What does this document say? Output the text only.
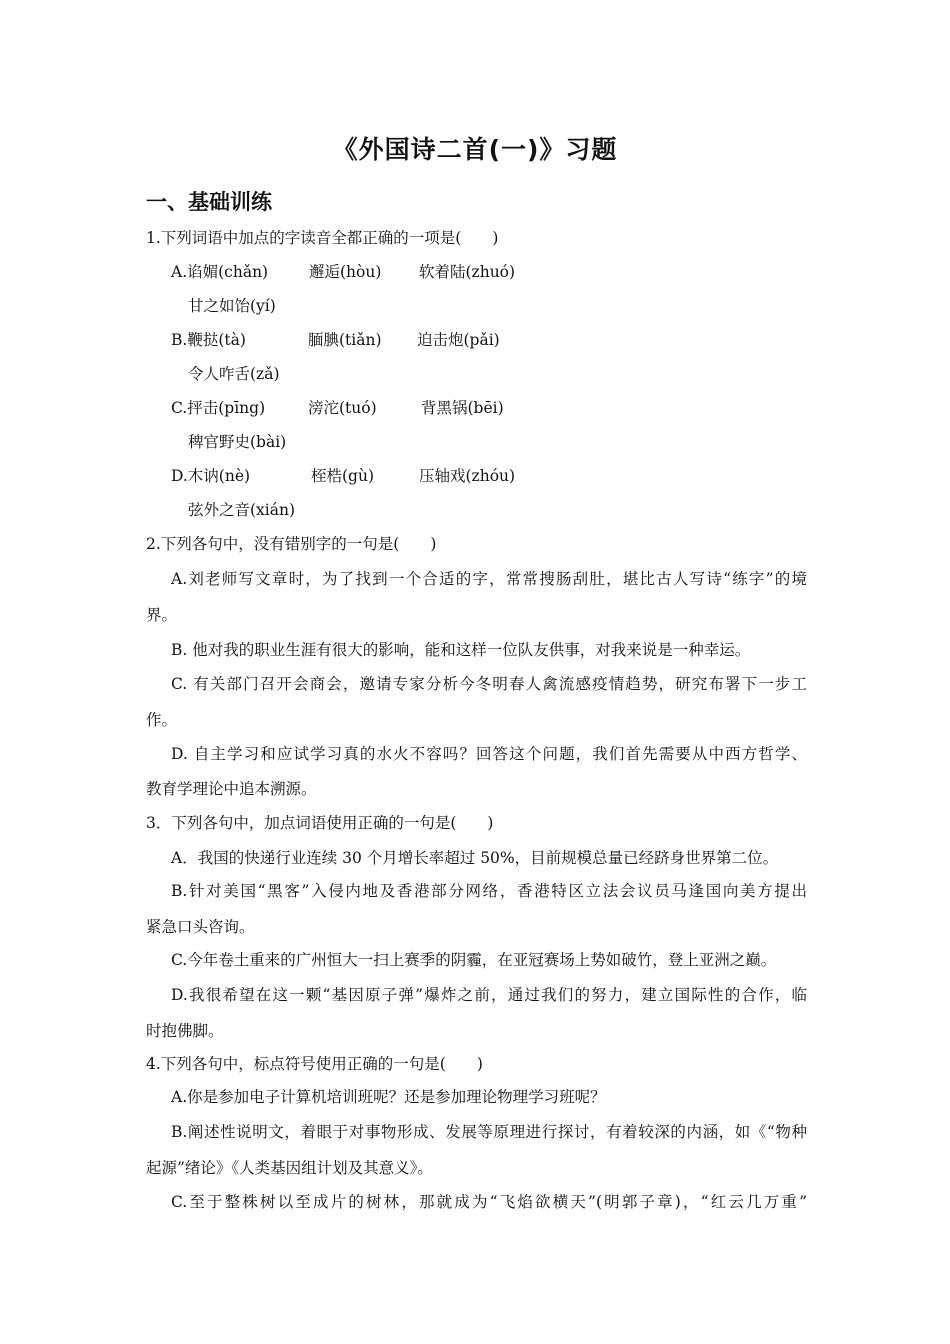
《外国诗二首(一)》习题
一、基础训练
1.下列词语中加点的字读音全都正确的一项是(　　)
A.谄媚(chǎn)	邂逅(hòu) 软着陆(zhuó)
甘之如饴(yí)
B.鞭挞(tà)	腼腆(tiǎn) 迫击炮(pǎi)
令人咋舌(zǎ)
C.抨击(pīng)	滂沱(tuó)	背黑锅(bēi)
稗官野史(bài)
D.木讷(nè)	桎梏(gù)	压轴戏(zhóu)
弦外之音(xián)
2.下列各句中，没有错别字的一句是(　　)
A.刘老师写文章时，为了找到一个合适的字，常常搜肠刮肚，堪比古人写诗“练字”的境
界。
B. 他对我的职业生涯有很大的影响，能和这样一位队友供事，对我来说是一种幸运。
C. 有关部门召开会商会，邀请专家分析今冬明春人禽流感疫情趋势，研究布署下一步工
作。
D. 自主学习和应试学习真的水火不容吗？回答这个问题，我们首先需要从中西方哲学、
教育学理论中追本溯源。
3．下列各句中，加点词语使用正确的一句是(　　)
A．我国的快递行业连续 30 个月增长率超过 50%，目前规模总量已经跻身世界第二位。
B.针对美国“黑客”入侵内地及香港部分网络，香港特区立法会议员马逢国向美方提出
紧急口头咨询。
C.今年卷土重来的广州恒大一扫上赛季的阴霾，在亚冠赛场上势如破竹，登上亚洲之巅。
D.我很希望在这一颗“基因原子弹”爆炸之前，通过我们的努力，建立国际性的合作，临
时抱佛脚。
4.下列各句中，标点符号使用正确的一句是(　　)
A.你是参加电子计算机培训班呢？还是参加理论物理学习班呢？
B.阐述性说明文，着眼于对事物形成、发展等原理进行探讨，有着较深的内涵，如《“物种
起源”绪论》《人类基因组计划及其意义》。
C.至于整株树以至成片的树林，那就成为“飞焰欲横天”(明郭子章)，“红云几万重”
